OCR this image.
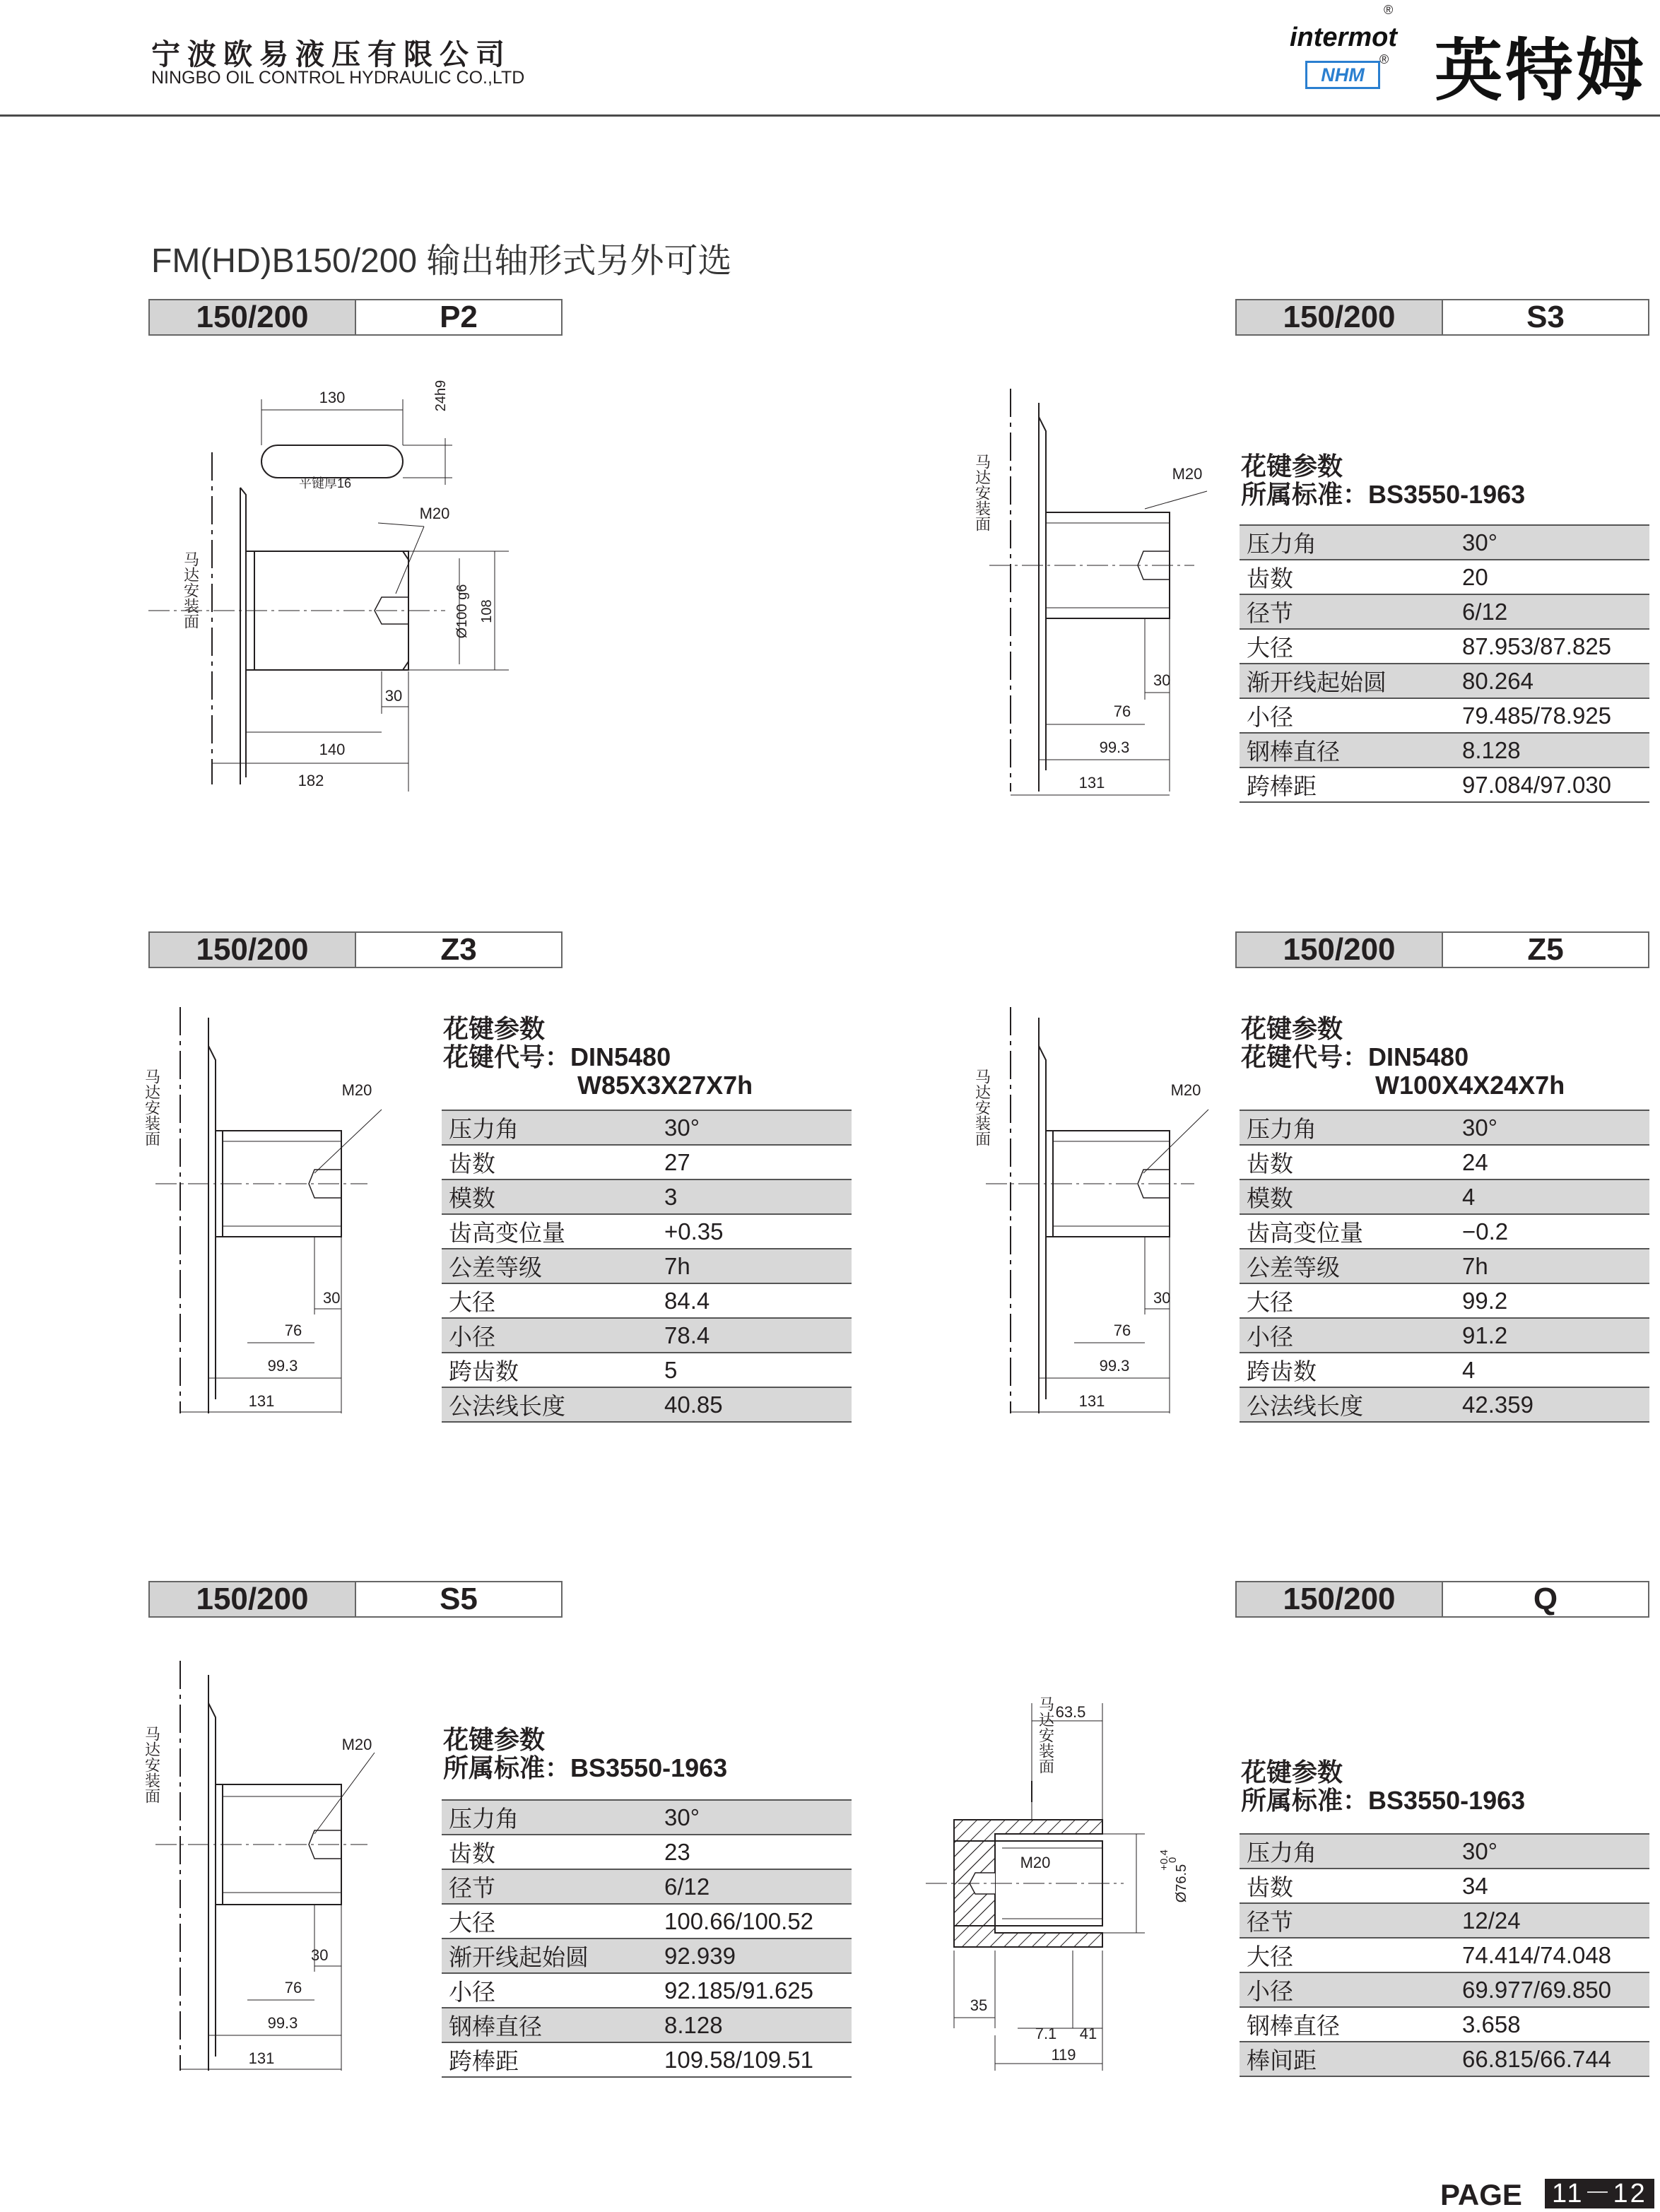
宁波欧易液压有限公司
NINGBO OIL CONTROL HYDRAULIC CO.,LTD
intermot
®
NHM
® 英特姆
FM(HD)B150/200 输出轴形式另外可选
150/200	P2	150/200	S3
150/200	Z3	150/200	Z5
150/200	S5	150/200	Q
130	24h9
平键厚16
M20
Ø100 g6 108
30
140
182
马达安装面
M20
30
76
99.3
131
马达安装面
M20
30
76
99.3
131
马达安装面	M20
30
76
99.3
131
马达安装面
M20
30
76
99.3
131
马达安装面
63.5
M20
Ø76.5
+0.4
0
35
7.1 41
119
马达安装面
花键参数
所属标准：BS3550-1963
压力角	30°
齿数	20
径节	6/12
大径	87.953/87.825
渐开线起始圆	80.264
小径	79.485/78.925
钢棒直径	8.128
跨棒距	97.084/97.030
花键参数
花键代号：DIN5480
W85X3X27X7h
压力角	30°
齿数	27
模数	3
齿高变位量	+0.35
公差等级	7h
大径	84.4
小径	78.4
跨齿数	5
公法线长度	40.85
花键参数
花键代号：DIN5480
W100X4X24X7h
压力角	30°
齿数	24
模数	4
齿高变位量	−0.2
公差等级	7h
大径	99.2
小径	91.2
跨齿数	4
公法线长度	42.359
花键参数
所属标准：BS3550-1963
压力角	30°
齿数	23
径节	6/12
大径	100.66/100.52
渐开线起始圆	92.939
小径	92.185/91.625
钢棒直径	8.128
跨棒距	109.58/109.51
花键参数
所属标准：BS3550-1963
压力角	30°
齿数	34
径节	12/24
大径	74.414/74.048
小径	69.977/69.850
钢棒直径	3.658
棒间距	66.815/66.744
PAGE 11－12
